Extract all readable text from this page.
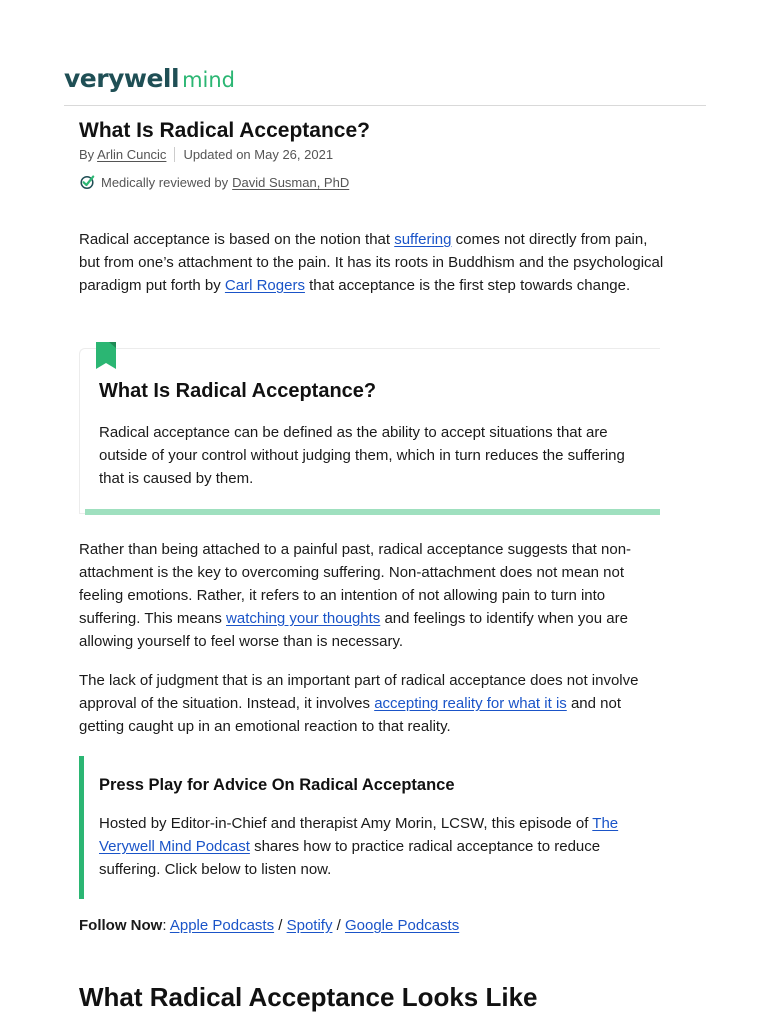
verywell mind
What Is Radical Acceptance?
By Arlin Cuncic Updated on May 26, 2021
Medically reviewed by David Susman, PhD

Radical acceptance is based on the notion that suffering comes not directly from pain, but from one’s attachment to the pain. It has its roots in Buddhism and the psychological paradigm put forth by Carl Rogers that acceptance is the first step towards change.

What Is Radical Acceptance?

Radical acceptance can be defined as the ability to accept situations that are outside of your control without judging them, which in turn reduces the suffering that is caused by them.

Rather than being attached to a painful past, radical acceptance suggests that non-attachment is the key to overcoming suffering. Non-attachment does not mean not feeling emotions. Rather, it refers to an intention of not allowing pain to turn into suffering. This means watching your thoughts and feelings to identify when you are allowing yourself to feel worse than is necessary.

The lack of judgment that is an important part of radical acceptance does not involve approval of the situation. Instead, it involves accepting reality for what it is and not getting caught up in an emotional reaction to that reality.

Press Play for Advice On Radical Acceptance

Hosted by Editor-in-Chief and therapist Amy Morin, LCSW, this episode of The Verywell Mind Podcast shares how to practice radical acceptance to reduce suffering. Click below to listen now.

Follow Now: Apple Podcasts / Spotify / Google Podcasts
What Radical Acceptance Looks Like
